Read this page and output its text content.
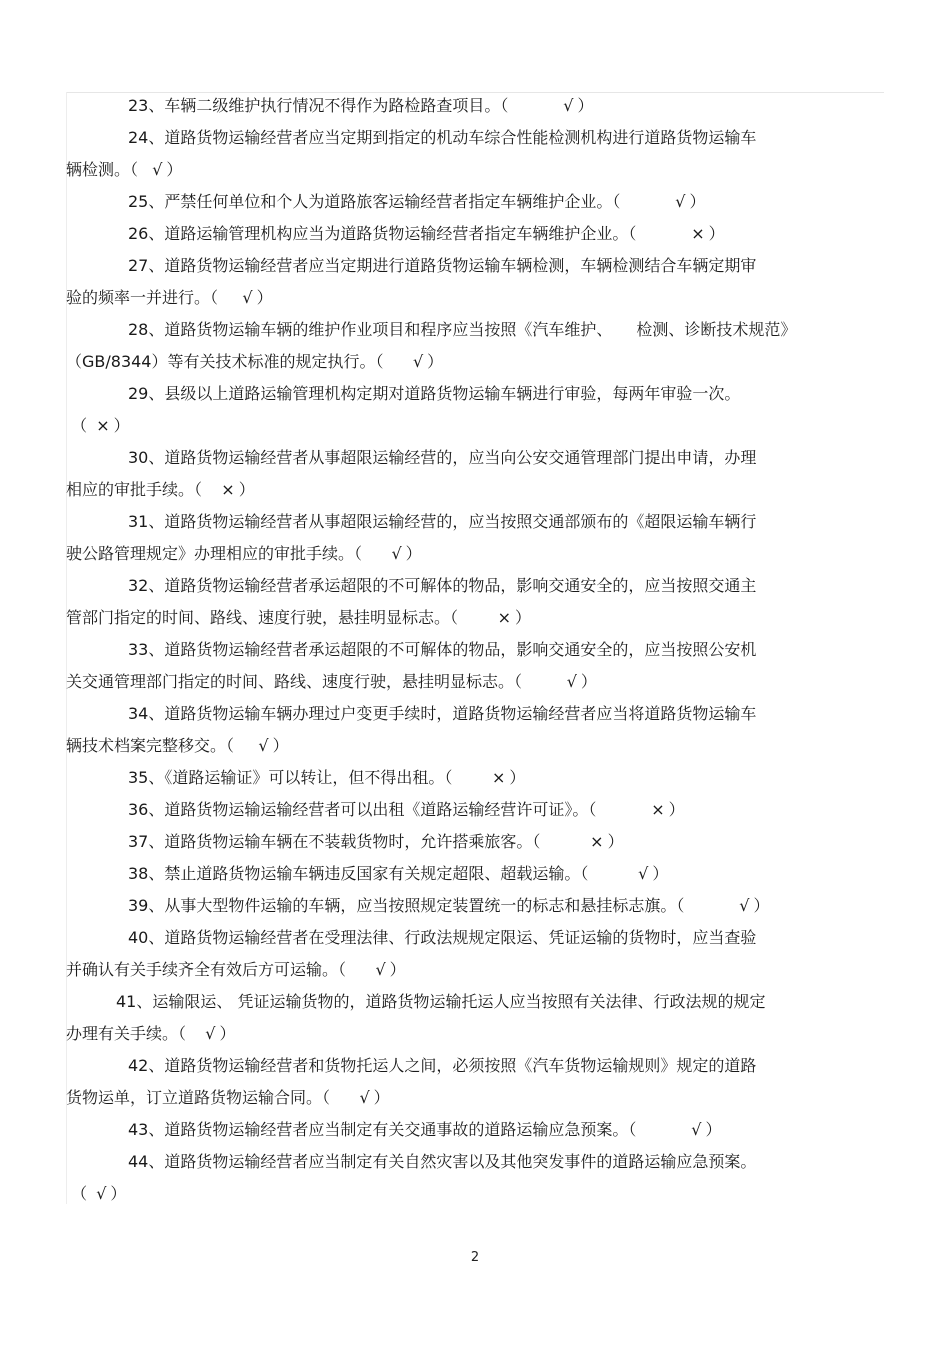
23、车辆二级维护执行情况不得作为路检路查项目。（	√ ）
24、道路货物运输经营者应当定期到指定的机动车综合性能检测机构进行道路货物运输车
辆检测。（ √ ）
25、严禁任何单位和个人为道路旅客运输经营者指定车辆维护企业。（	√ ）
26、道路运输管理机构应当为道路货物运输经营者指定车辆维护企业。（	× ）
27、道路货物运输经营者应当定期进行道路货物运输车辆检测，车辆检测结合车辆定期审
验的频率一并进行。（ √ ）
28、道路货物运输车辆的维护作业项目和程序应当按照《汽车维护、　　检测、诊断技术规范》
（GB/8344）等有关技术标准的规定执行。（ √ ）
29、县级以上道路运输管理机构定期对道路货物运输车辆进行审验，每两年审验一次。
（ × ）
30、道路货物运输经营者从事超限运输经营的，应当向公安交通管理部门提出申请，办理
相应的审批手续。（ × ）
31、道路货物运输经营者从事超限运输经营的，应当按照交通部颁布的《超限运输车辆行
驶公路管理规定》办理相应的审批手续。（ √ ）
32、道路货物运输经营者承运超限的不可解体的物品，影响交通安全的，应当按照交通主
管部门指定的时间、路线、速度行驶，悬挂明显标志。（ × ）
33、道路货物运输经营者承运超限的不可解体的物品，影响交通安全的，应当按照公安机
关交通管理部门指定的时间、路线、速度行驶，悬挂明显标志。（	√ ）
34、道路货物运输车辆办理过户变更手续时，道路货物运输经营者应当将道路货物运输车
辆技术档案完整移交。（ √ ）
35、《道路运输证》可以转让，但不得出租。（ × ）
36、道路货物运输运输经营者可以出租《道路运输经营许可证》。（	× ）
37、道路货物运输车辆在不装载货物时，允许搭乘旅客。（	× ）
38、禁止道路货物运输车辆违反国家有关规定超限、超载运输。（	√ ）
39、从事大型物件运输的车辆，应当按照规定装置统一的标志和悬挂标志旗。（	√ ）
40、道路货物运输经营者在受理法律、行政法规规定限运、凭证运输的货物时，应当查验
并确认有关手续齐全有效后方可运输。（ √ ）
41、运输限运、 凭证运输货物的，道路货物运输托运人应当按照有关法律、行政法规的规定
办理有关手续。（ √ ）
42、道路货物运输经营者和货物托运人之间，必须按照《汽车货物运输规则》规定的道路
货物运单，订立道路货物运输合同。（ √ ）
43、道路货物运输经营者应当制定有关交通事故的道路运输应急预案。（	√ ）
44、道路货物运输经营者应当制定有关自然灾害以及其他突发事件的道路运输应急预案。
（ √ ）
2
